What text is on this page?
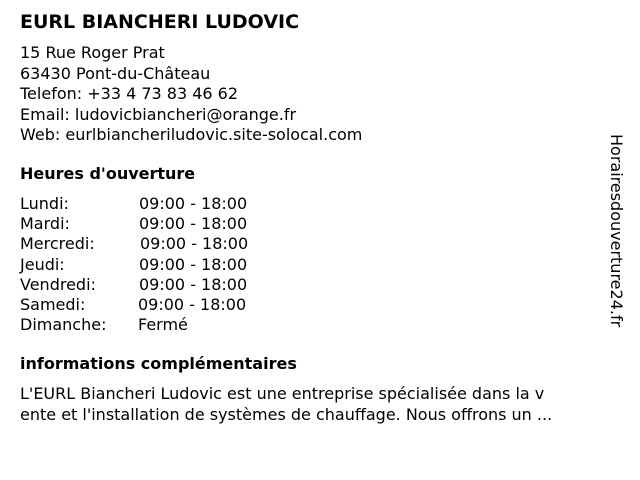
EURL BIANCHERI LUDOVIC
15 Rue Roger Prat
63430 Pont-du-Château
Telefon: +33 4 73 83 46 62
Email: ludovicbiancheri@orange.fr
Web: eurlbiancheriludovic.site-solocal.com
Heures d'ouverture
Lundi:	09:00 - 18:00
Mardi:	09:00 - 18:00
Mercredi:	09:00 - 18:00
Jeudi:	09:00 - 18:00
Vendredi:	09:00 - 18:00
Samedi:	09:00 - 18:00
Dimanche: Fermé
informations complémentaires
L'EURL Biancheri Ludovic est une entreprise spécialisée dans la v
ente et l'installation de systèmes de chauffage. Nous offrons un ...
Horairesdouverture24.fr
